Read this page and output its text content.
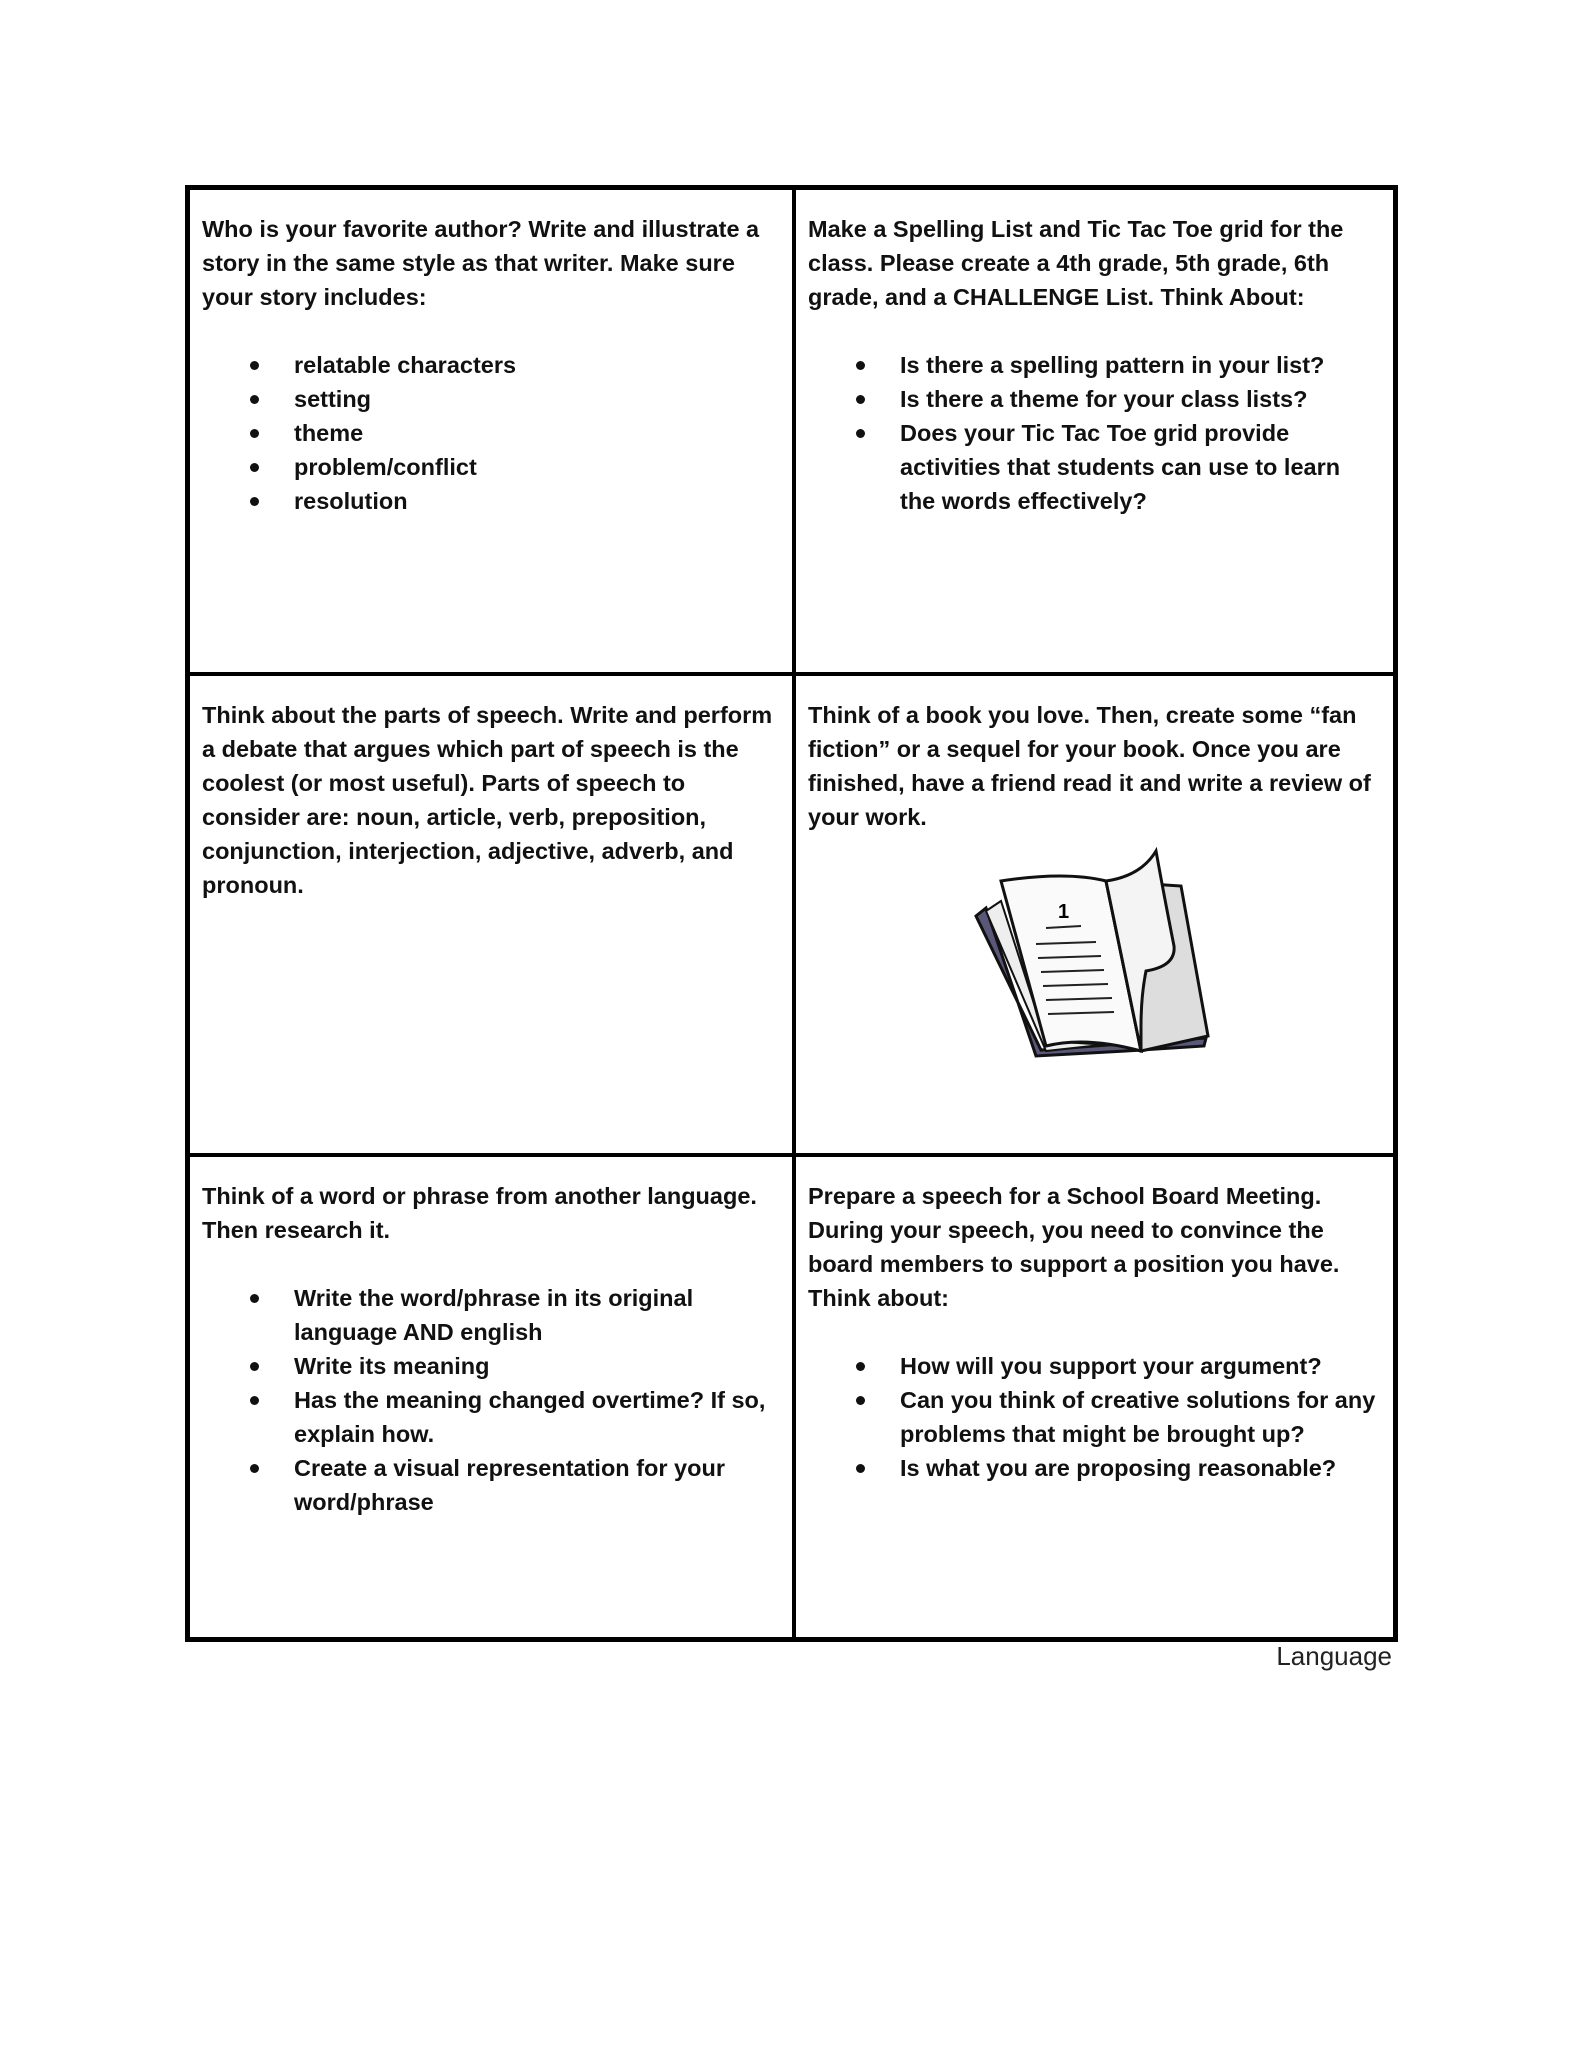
Who is your favorite author? Write and illustrate a story in the same style as that writer. Make sure your story includes:

relatable characters
setting
theme
problem/conflict
resolution

Make a Spelling List and Tic Tac Toe grid for the class. Please create a 4th grade, 5th grade, 6th grade, and a CHALLENGE List. Think About:

Is there a spelling pattern in your list?
Is there a theme for your class lists?
Does your Tic Tac Toe grid provide activities that students can use to learn the words effectively?

Think about the parts of speech. Write and perform a debate that argues which part of speech is the coolest (or most useful). Parts of speech to consider are: noun, article, verb, preposition, conjunction, interjection, adjective, adverb, and pronoun.

Think of a book you love. Then, create some “fan fiction” or a sequel for your book. Once you are finished, have a friend read it and write a review of your work.

1

Think of a word or phrase from another language. Then research it.

Write the word/phrase in its original language AND english
Write its meaning
Has the meaning changed overtime? If so, explain how.
Create a visual representation for your word/phrase

Prepare a speech for a School Board Meeting. During your speech, you need to convince the board members to support a position you have. Think about:

How will you support your argument?
Can you think of creative solutions for any problems that might be brought up?
Is what you are proposing reasonable?
Language
